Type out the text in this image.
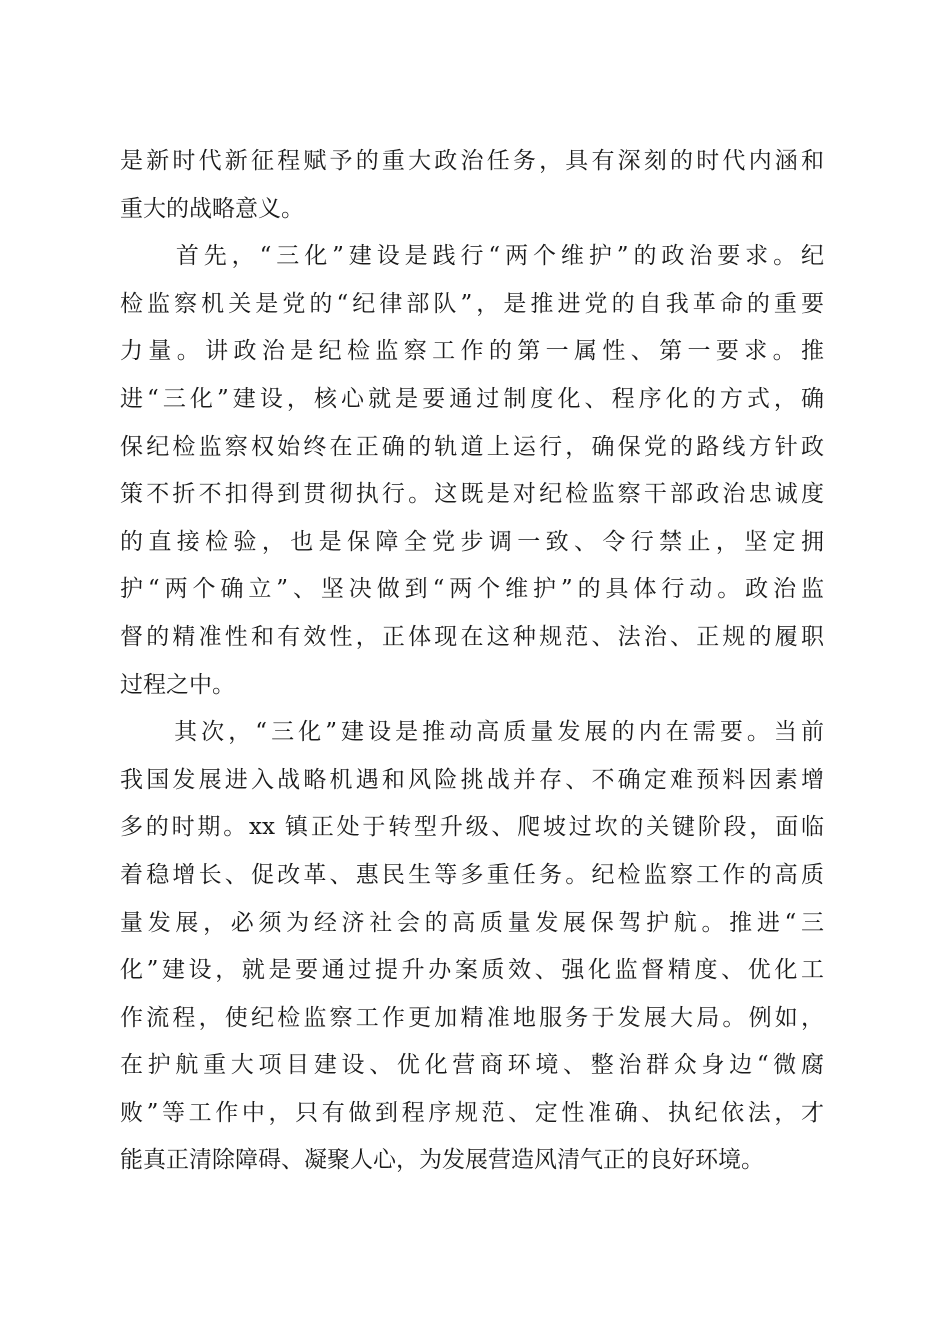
是新时代新征程赋予的重大政治任务，具有深刻的时代内涵和
重大的战略意义。
　　首先，“三化”建设是践行“两个维护”的政治要求。纪
检监察机关是党的“纪律部队”，是推进党的自我革命的重要
力量。讲政治是纪检监察工作的第一属性、第一要求。推
进“三化”建设，核心就是要通过制度化、程序化的方式，确
保纪检监察权始终在正确的轨道上运行，确保党的路线方针政
策不折不扣得到贯彻执行。这既是对纪检监察干部政治忠诚度
的直接检验，也是保障全党步调一致、令行禁止，坚定拥
护“两个确立”、坚决做到“两个维护”的具体行动。政治监
督的精准性和有效性，正体现在这种规范、法治、正规的履职
过程之中。
　　其次，“三化”建设是推动高质量发展的内在需要。当前
我国发展进入战略机遇和风险挑战并存、不确定难预料因素增
多的时期。xx 镇正处于转型升级、爬坡过坎的关键阶段，面临
着稳增长、促改革、惠民生等多重任务。纪检监察工作的高质
量发展，必须为经济社会的高质量发展保驾护航。推进“三
化”建设，就是要通过提升办案质效、强化监督精度、优化工
作流程，使纪检监察工作更加精准地服务于发展大局。例如，
在护航重大项目建设、优化营商环境、整治群众身边“微腐
败”等工作中，只有做到程序规范、定性准确、执纪依法，才
能真正清除障碍、凝聚人心，为发展营造风清气正的良好环境。
